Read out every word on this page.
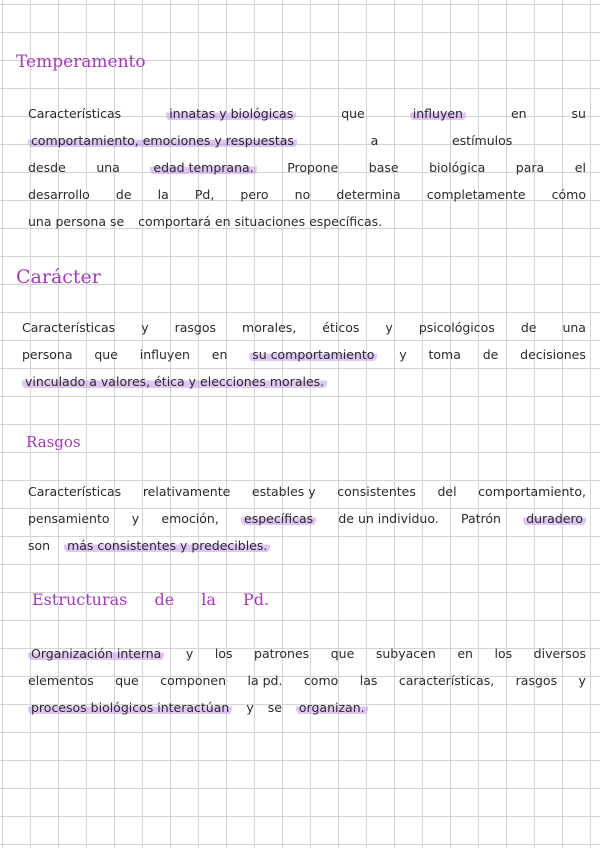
Temperamento
Características	innatas y biológicas	que	influyen	en	su
comportamiento, emociones y respuestas	a	estímulos
desde una	edad temprana.	Propone base biológica para el
desarrollo de la Pd, pero no determina completamente cómo
una persona se comportará en situaciones específicas.
Carácter
Características y rasgos morales, éticos y psicológicos de una
persona que influyen en su comportamiento y toma de decisiones
vinculado a valores, ética y elecciones morales.
Rasgos
Características relativamente estables y consistentes del comportamiento,
pensamiento y emoción, específicas de un individuo. Patrón duradero
son más consistentes y predecibles.
Estructuras de la Pd.
Organización interna y los patrones que subyacen en los diversos
elementos que componen la pd. como las características, rasgos y
procesos biológicos interactúan y se organizan.
